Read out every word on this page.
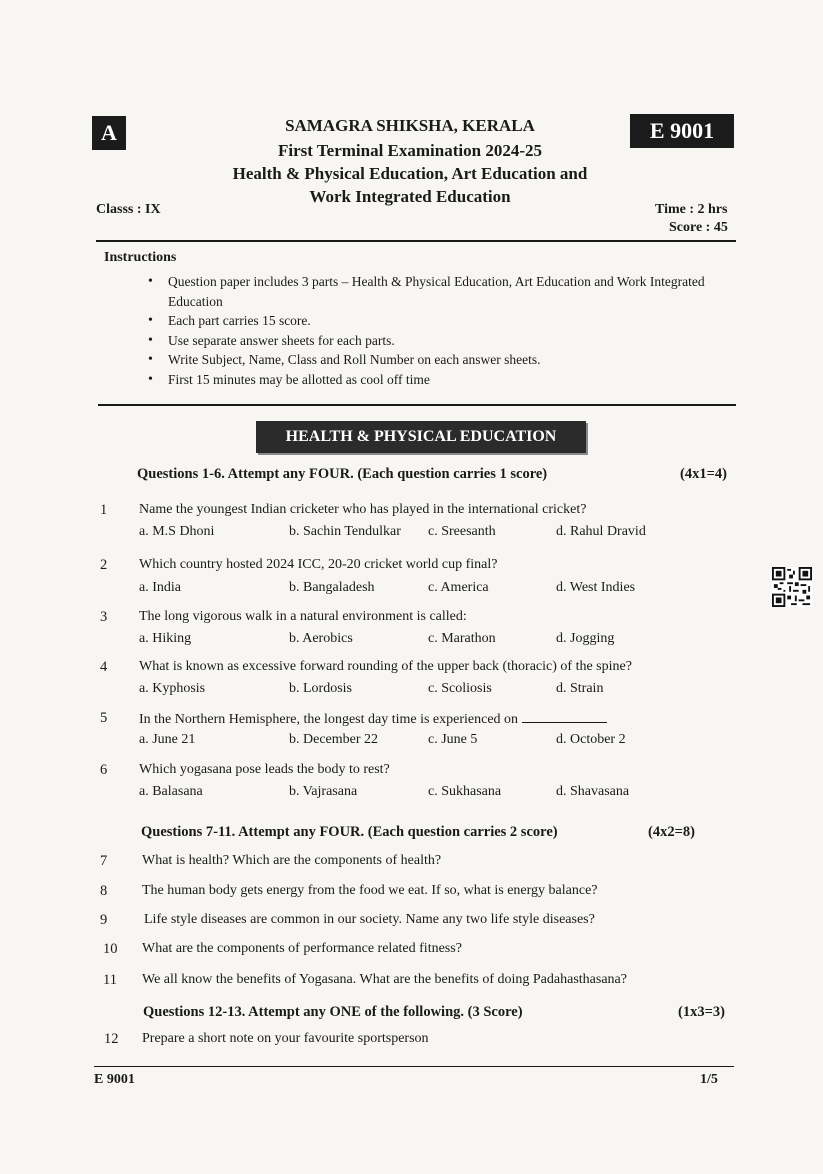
A	E 9001
SAMAGRA SHIKSHA, KERALA
First Terminal Examination 2024-25
Health & Physical Education, Art Education and
Work Integrated Education
Classs : IX	Time : 2 hrs
Score : 45
Instructions
• Question paper includes 3 parts – Health & Physical Education, Art Education and Work Integrated Education
• Each part carries 15 score.
• Use separate answer sheets for each parts.
• Write Subject, Name, Class and Roll Number on each answer sheets.
• First 15 minutes may be allotted as cool off time
HEALTH & PHYSICAL EDUCATION
Questions 1-6. Attempt any FOUR. (Each question carries 1 score)	(4x1=4)
1	Name the youngest Indian cricketer who has played in the international cricket?
a. M.S Dhoni	b. Sachin Tendulkar c. Sreesanth	d. Rahul Dravid
2	Which country hosted 2024 ICC, 20-20 cricket world cup final?
a. India	b. Bangaladesh	c. America	d. West Indies
3	The long vigorous walk in a natural environment is called:
a. Hiking	b. Aerobics	c. Marathon	d. Jogging
4	What is known as excessive forward rounding of the upper back (thoracic) of the spine?
a. Kyphosis	b. Lordosis	c. Scoliosis	d. Strain
5	In the Northern Hemisphere, the longest day time is experienced on
a. June 21	b. December 22	c. June 5	d. October 2
6	Which yogasana pose leads the body to rest?
a. Balasana	b. Vajrasana	c. Sukhasana	d. Shavasana
Questions 7-11. Attempt any FOUR. (Each question carries 2 score)	(4x2=8)
7	What is health? Which are the components of health?
8	The human body gets energy from the food we eat. If so, what is energy balance?
9	Life style diseases are common in our society. Name any two life style diseases?
10 What are the components of performance related fitness?
11 We all know the benefits of Yogasana. What are the benefits of doing Padahasthasana?
Questions 12-13. Attempt any ONE of the following. (3 Score)	(1x3=3)
12 Prepare a short note on your favourite sportsperson
E 9001	1/5
